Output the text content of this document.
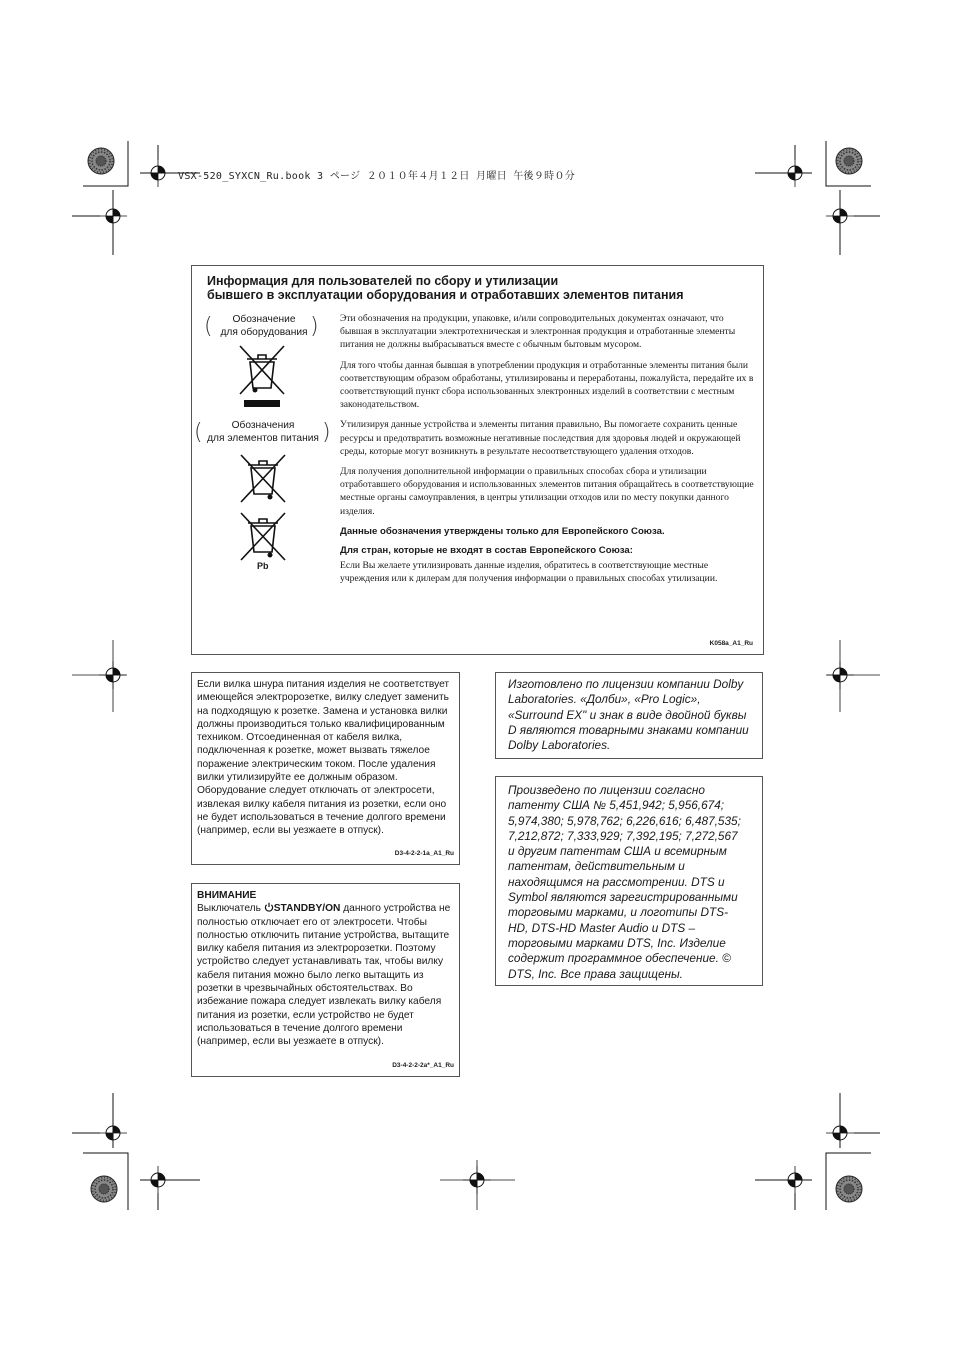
VSX-520_SYXCN_Ru.book 3 ページ ２０１０年４月１２日 月曜日 午後９時０分
Информация для пользователей по сбору и утилизации
бывшего в эксплуатации оборудования и отработавших элементов питания
(	Обозначение
для оборудования )
(	Обозначения
для элементов питания )
Pb

Эти обозначения на продукции, упаковке, и/или сопроводительных документах означают, что бывшая в эксплуатации электротехническая и электронная продукция и отработанные элементы питания не должны выбрасываться вместе с обычным бытовым мусором.

Для того чтобы данная бывшая в употреблении продукция и отработанные элементы питания были соответствующим образом обработаны, утилизированы и переработаны, пожалуйста, передайте их в соответствующий пункт сбора использованных электронных изделий в соответствии с местным законодательством.

Утилизируя данные устройства и элементы питания правильно, Вы помогаете сохранить ценные ресурсы и предотвратить возможные негативные последствия для здоровья людей и окружающей среды, которые могут возникнуть в результате несоответствующего удаления отходов.

Для получения дополнительной информации о правильных способах сбора и утилизации отработавшего оборудования и использованных элементов питания обращайтесь в соответствующие местные органы самоуправления, в центры утилизации отходов или по месту покупки данного изделия.

Данные обозначения утверждены только для Европейского Союза.

Для стран, которые не входят в состав Европейского Союза:

Если Вы желаете утилизировать данные изделия, обратитесь в соответствующие местные учреждения или к дилерам для получения информации о правильных способах утилизации.

K058a_A1_Ru
Если вилка шнура питания изделия не соответствует имеющейся электророзетке, вилку следует заменить на подходящую к розетке. Замена и установка вилки должны производиться только квалифицированным техником. Отсоединенная от кабеля вилка, подключенная к розетке, может вызвать тяжелое поражение электрическим током. После удаления вилки утилизируйте ее должным образом. Оборудование следует отключать от электросети, извлекая вилку кабеля питания из розетки, если оно не будет использоваться в течение долгого времени (например, если вы уезжаете в отпуск).
D3-4-2-2-1a_A1_Ru
ВНИМАНИЕ
Выключатель STANDBY/ON данного устройства не полностью отключает его от электросети. Чтобы полностью отключить питание устройства, вытащите вилку кабеля питания из электророзетки. Поэтому устройство следует устанавливать так, чтобы вилку кабеля питания можно было легко вытащить из розетки в чрезвычайных обстоятельствах. Во избежание пожара следует извлекать вилку кабеля питания из розетки, если устройство не будет использоваться в течение долгого времени (например, если вы уезжаете в отпуск).
D3-4-2-2-2a*_A1_Ru
Изготовлено по лицензии компании Dolby Laboratories. «Долби», «Pro Logic», «Surround EX" и знак в виде двойной буквы D являются товарными знаками компании Dolby Laboratories.
Произведено по лицензии согласно патенту США № 5,451,942; 5,956,674; 5,974,380; 5,978,762; 6,226,616; 6,487,535; 7,212,872; 7,333,929; 7,392,195; 7,272,567 и другим патентам США и всемирным патентам, действительным и находящимся на рассмотрении. DTS и Symbol являются зарегистрированными торговыми марками, и логотипы DTS-HD, DTS-HD Master Audio и DTS – торговыми марками DTS, Inc. Изделие содержит программное обеспечение. © DTS, Inc. Все права защищены.
